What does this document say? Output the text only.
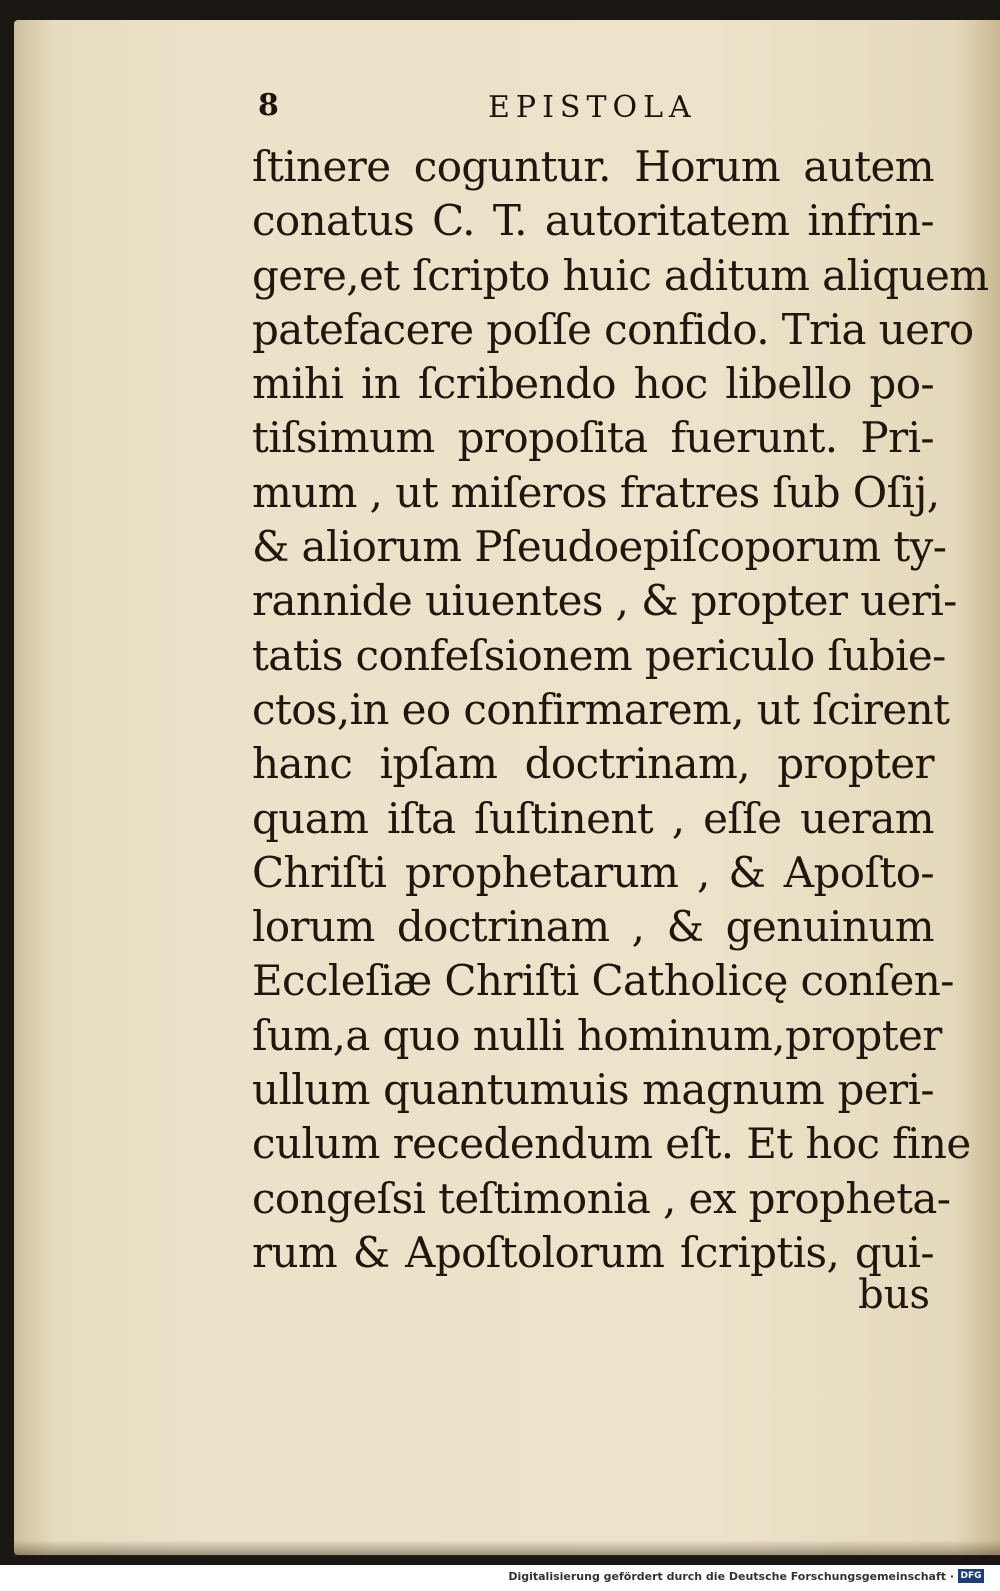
8	EPISTOLA
ſtinere coguntur. Horum autem
conatus C. T. autoritatem infrin-
gere,et ſcripto huic aditum aliquem
patefacere poſſe confido. Tria uero
mihi in ſcribendo hoc libello po-
tiſsimum propoſita fuerunt. Pri-
mum , ut miſeros fratres ſub Oſij,
& aliorum Pſeudoepiſcoporum ty-
rannide uiuentes , & propter ueri-
tatis confeſsionem periculo ſubie-
ctos,in eo confirmarem, ut ſcirent
hanc ipſam doctrinam, propter
quam iſta ſuſtinent , eſſe ueram
Chriſti prophetarum , & Apoſto-
lorum doctrinam , & genuinum
Eccleſiæ Chriſti Catholicę conſen-
ſum,a quo nulli hominum,propter
ullum quantumuis magnum peri-
culum recedendum eſt. Et hoc fine
congeſsi teſtimonia , ex propheta-
rum & Apoſtolorum ſcriptis, qui-
bus
Digitalisierung gefördert durch die Deutsche Forschungsgemeinschaft · DFG
